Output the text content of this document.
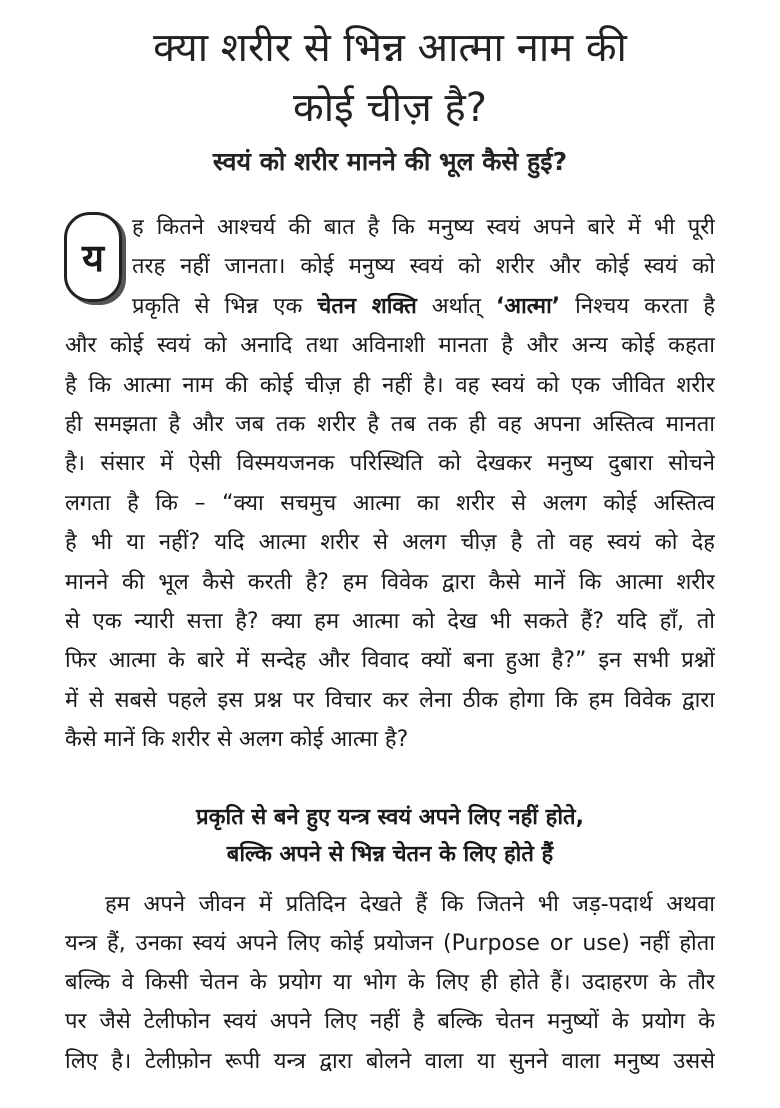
क्या शरीर से भिन्न आत्मा नाम की
कोई चीज़ है?
स्वयं को शरीर मानने की भूल कैसे हुई?
य
ह कितने आश्चर्य की बात है कि मनुष्य स्वयं अपने बारे में भी पूरी
तरह नहीं जानता। कोई मनुष्य स्वयं को शरीर और कोई स्वयं को
प्रकृति से भिन्न एक चेतन शक्ति अर्थात् ‘आत्मा’ निश्चय करता है
और कोई स्वयं को अनादि तथा अविनाशी मानता है और अन्य कोई कहता
है कि आत्मा नाम की कोई चीज़ ही नहीं है। वह स्वयं को एक जीवित शरीर
ही समझता है और जब तक शरीर है तब तक ही वह अपना अस्तित्व मानता
है। संसार में ऐसी विस्मयजनक परिस्थिति को देखकर मनुष्य दुबारा सोचने
लगता है कि – “क्या सचमुच आत्मा का शरीर से अलग कोई अस्तित्व
है भी या नहीं? यदि आत्मा शरीर से अलग चीज़ है तो वह स्वयं को देह
मानने की भूल कैसे करती है? हम विवेक द्वारा कैसे मानें कि आत्मा शरीर
से एक न्यारी सत्ता है? क्या हम आत्मा को देख भी सकते हैं? यदि हाँ, तो
फिर आत्मा के बारे में सन्देह और विवाद क्यों बना हुआ है?” इन सभी प्रश्नों
में से सबसे पहले इस प्रश्न पर विचार कर लेना ठीक होगा कि हम विवेक द्वारा
कैसे मानें कि शरीर से अलग कोई आत्मा है?
प्रकृति से बने हुए यन्त्र स्वयं अपने लिए नहीं होते,
बल्कि अपने से भिन्न चेतन के लिए होते हैं
हम अपने जीवन में प्रतिदिन देखते हैं कि जितने भी जड़-पदार्थ अथवा
यन्त्र हैं, उनका स्वयं अपने लिए कोई प्रयोजन (Purpose or use) नहीं होता
बल्कि वे किसी चेतन के प्रयोग या भोग के लिए ही होते हैं। उदाहरण के तौर
पर जैसे टेलीफोन स्वयं अपने लिए नहीं है बल्कि चेतन मनुष्यों के प्रयोग के
लिए है। टेलीफ़ोन रूपी यन्त्र द्वारा बोलने वाला या सुनने वाला मनुष्य उससे
